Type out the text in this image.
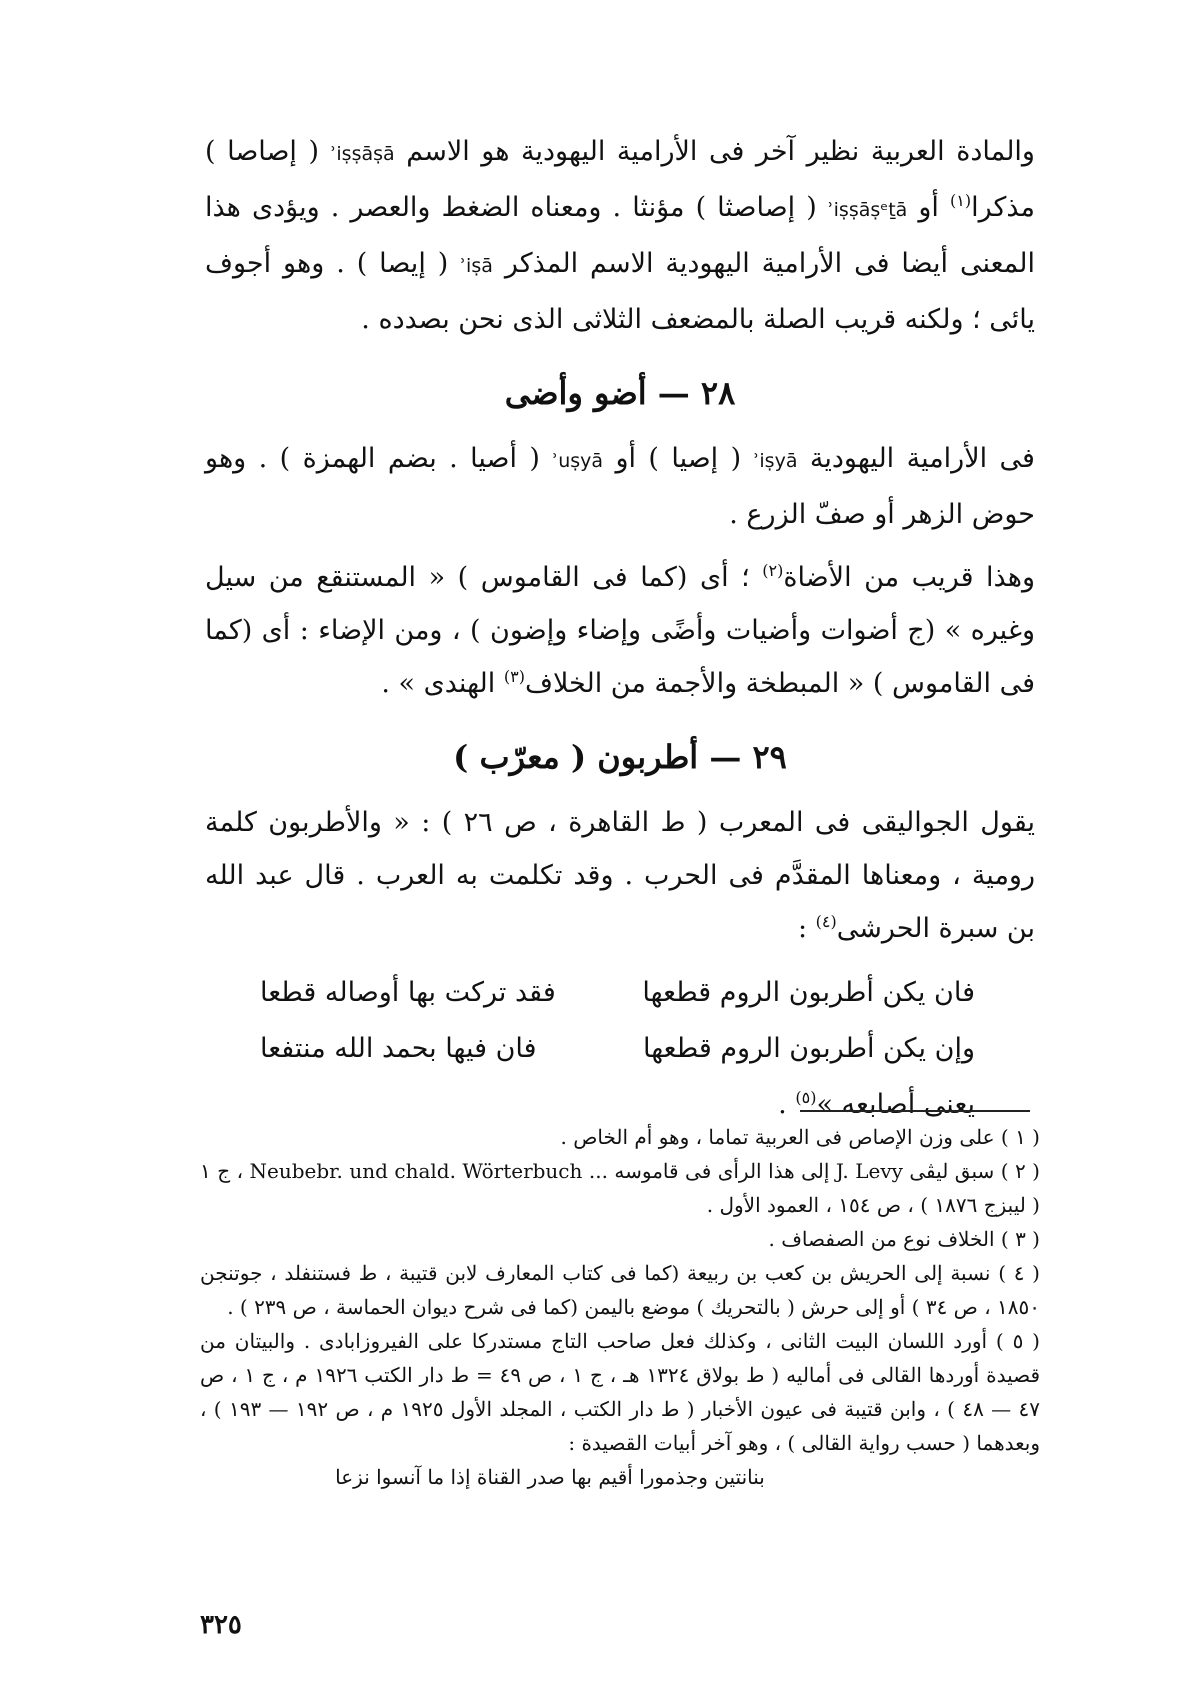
والمادة العربية نظير آخر فى الأرامية اليهودية هو الاسم ʾiṣṣāṣā ( إصاصا ) مذكرا$^{(١)}$ أو ʾiṣṣāṣᵉṯā ( إصاصثا ) مؤنثا . ومعناه الضغط والعصر . ويؤدى هذا المعنى أيضا فى الأرامية اليهودية الاسم المذكر ʾiṣā ( إيصا ) . وهو أجوف يائى ؛ ولكنه قريب الصلة بالمضعف الثلاثى الذى نحن بصدده .

٢٨ — أضو وأضى

فى الأرامية اليهودية ʾiṣyā ( إصيا ) أو ʾuṣyā ( أصيا . بضم الهمزة ) . وهو حوض الزهر أو صفّ الزرع .

وهذا قريب من الأضاة$^{(٢)}$ ؛ أى (كما فى القاموس ) « المستنقع من سيل وغيره » (ج أضوات وأضيات وأضًى وإضاء وإضون ) ، ومن الإضاء : أى (كما فى القاموس ) « المبطخة والأجمة من الخلاف$^{(٣)}$ الهندى » .

٢٩ — أطربون ( معرّب )

يقول الجواليقى فى المعرب ( ط القاهرة ، ص ٢٦ ) : « والأطربون كلمة رومية ، ومعناها المقدَّم فى الحرب . وقد تكلمت به العرب . قال عبد الله بن سبرة الحرشى$^{(٤)}$ :

فان يكن أطربون الروم قطعها
فقد تركت بها أوصاله قطعا
وإن يكن أطربون الروم قطعها
فان فيها بحمد الله منتفعا
يعنى أصابعه »$^{(٥)}$ .

( ١ ) على وزن الإصاص فى العربية تماما ، وهو أم الخاص .

( ٢ ) سبق ليڤى J. Levy إلى هذا الرأى فى قاموسه ... Neubebr. und chald. Wörterbuch ، ج ١ ( ليبزج ١٨٧٦ ) ، ص ١٥٤ ، العمود الأول .

( ٣ ) الخلاف نوع من الصفصاف .

( ٤ ) نسبة إلى الحريش بن كعب بن ربيعة (كما فى كتاب المعارف لابن قتيبة ، ط فستنفلد ، جوتنجن ١٨٥٠ ، ص ٣٤ ) أو إلى حرش ( بالتحريك ) موضع باليمن (كما فى شرح ديوان الحماسة ، ص ٢٣٩ ) .

( ٥ ) أورد اللسان البيت الثانى ، وكذلك فعل صاحب التاج مستدركا على الفيروزابادى . والبيتان من قصيدة أوردها القالى فى أماليه ( ط بولاق ١٣٢٤ هـ ، ج ١ ، ص ٤٩ = ط دار الكتب ١٩٢٦ م ، ج ١ ، ص ٤٧ — ٤٨ ) ، وابن قتيبة فى عيون الأخبار ( ط دار الكتب ، المجلد الأول ١٩٢٥ م ، ص ١٩٢ — ١٩٣ ) ، وبعدهما ( حسب رواية القالى ) ، وهو آخر أبيات القصيدة :

بنانتين وجذمورا أقيم بها صدر القناة إذا ما آنسوا نزعا

٣٢٥
